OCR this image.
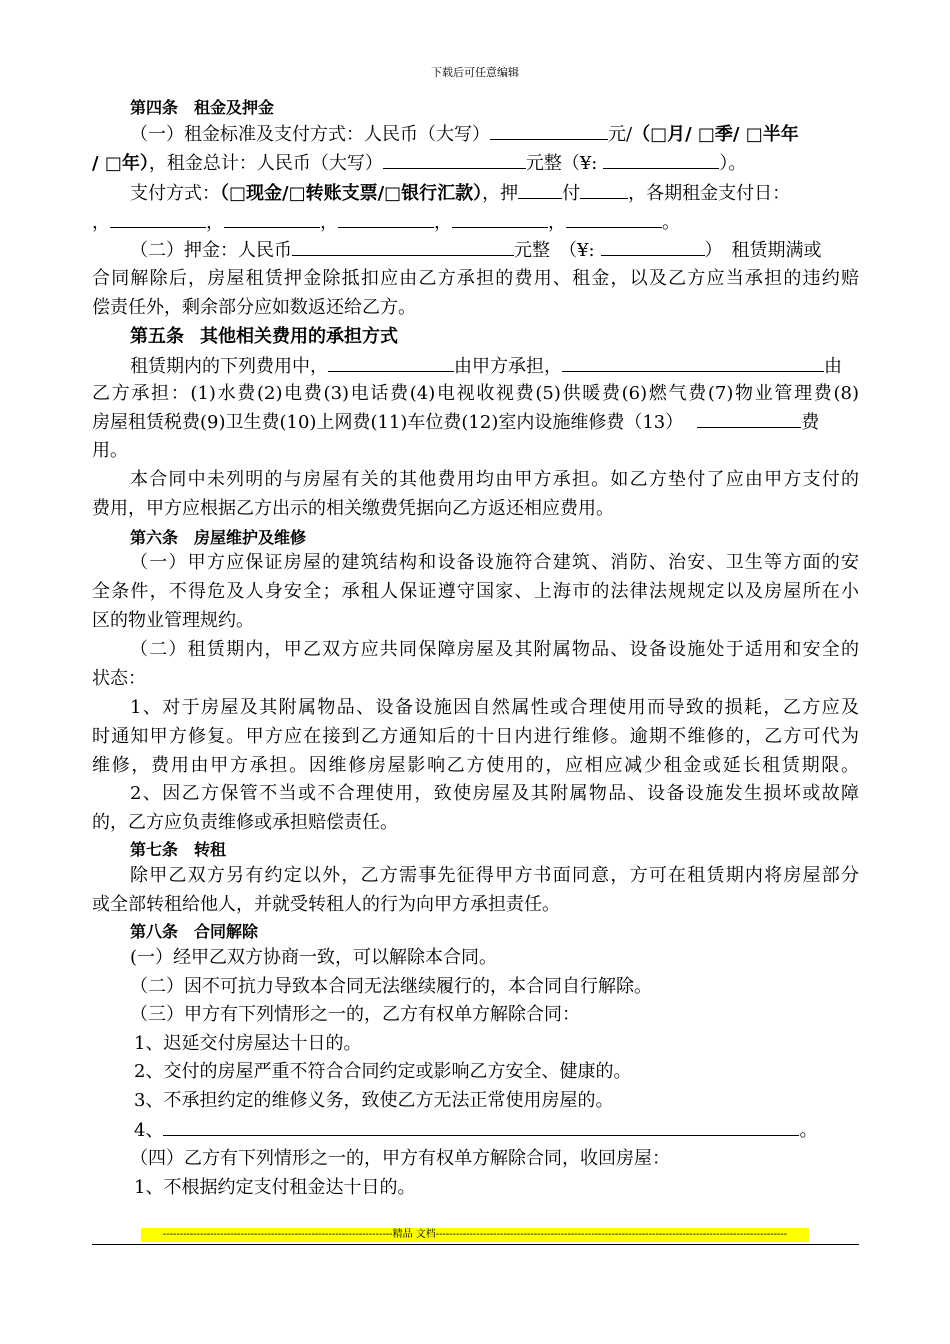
下载后可任意编辑
第四条 租金及押金
（一）租金标准及支付方式：人民币（大写）	元/（□月/ □季/ □半年
/ □年），租金总计：人民币（大写）	元整（¥:	）。
支付方式：（□现金/□转账支票/□银行汇款），押 付	，各期租金支付日：
，	，	，	，	，	。
（二）押金：人民币	元整　（¥:	）　租赁期满或
合同解除后，房屋租赁押金除抵扣应由乙方承担的费用、租金，以及乙方应当承担的违约赔
偿责任外，剩余部分应如数返还给乙方。
第五条 其他相关费用的承担方式
租赁期内的下列费用中，	由甲方承担，	由
乙方承担：(1)水费(2)电费(3)电话费(4)电视收视费(5)供暖费(6)燃气费(7)物业管理费(8)
房屋租赁税费(9)卫生费(10)上网费(11)车位费(12)室内设施维修费（13）	费
用。
本合同中未列明的与房屋有关的其他费用均由甲方承担。如乙方垫付了应由甲方支付的
费用，甲方应根据乙方出示的相关缴费凭据向乙方返还相应费用。
第六条 房屋维护及维修
（一）甲方应保证房屋的建筑结构和设备设施符合建筑、消防、治安、卫生等方面的安
全条件，不得危及人身安全；承租人保证遵守国家、上海市的法律法规规定以及房屋所在小
区的物业管理规约。
（二）租赁期内，甲乙双方应共同保障房屋及其附属物品、设备设施处于适用和安全的
状态：
1、对于房屋及其附属物品、设备设施因自然属性或合理使用而导致的损耗，乙方应及
时通知甲方修复。甲方应在接到乙方通知后的十日内进行维修。逾期不维修的，乙方可代为
维修，费用由甲方承担。因维修房屋影响乙方使用的，应相应减少租金或延长租赁期限。
2、因乙方保管不当或不合理使用，致使房屋及其附属物品、设备设施发生损坏或故障
的，乙方应负责维修或承担赔偿责任。
第七条 转租
除甲乙双方另有约定以外，乙方需事先征得甲方书面同意，方可在租赁期内将房屋部分
或全部转租给他人，并就受转租人的行为向甲方承担责任。
第八条 合同解除
(一）经甲乙双方协商一致，可以解除本合同。
（二）因不可抗力导致本合同无法继续履行的，本合同自行解除。
（三）甲方有下列情形之一的，乙方有权单方解除合同：
1、迟延交付房屋达十日的。
2、交付的房屋严重不符合合同约定或影响乙方安全、健康的。
3、不承担约定的维修义务，致使乙方无法正常使用房屋的。
4、	。
（四）乙方有下列情形之一的，甲方有权单方解除合同，收回房屋：
1、不根据约定支付租金达十日的。
--------------------------------------------------------------------精品 文档--------------------------------------------------------------------------------------------------------
